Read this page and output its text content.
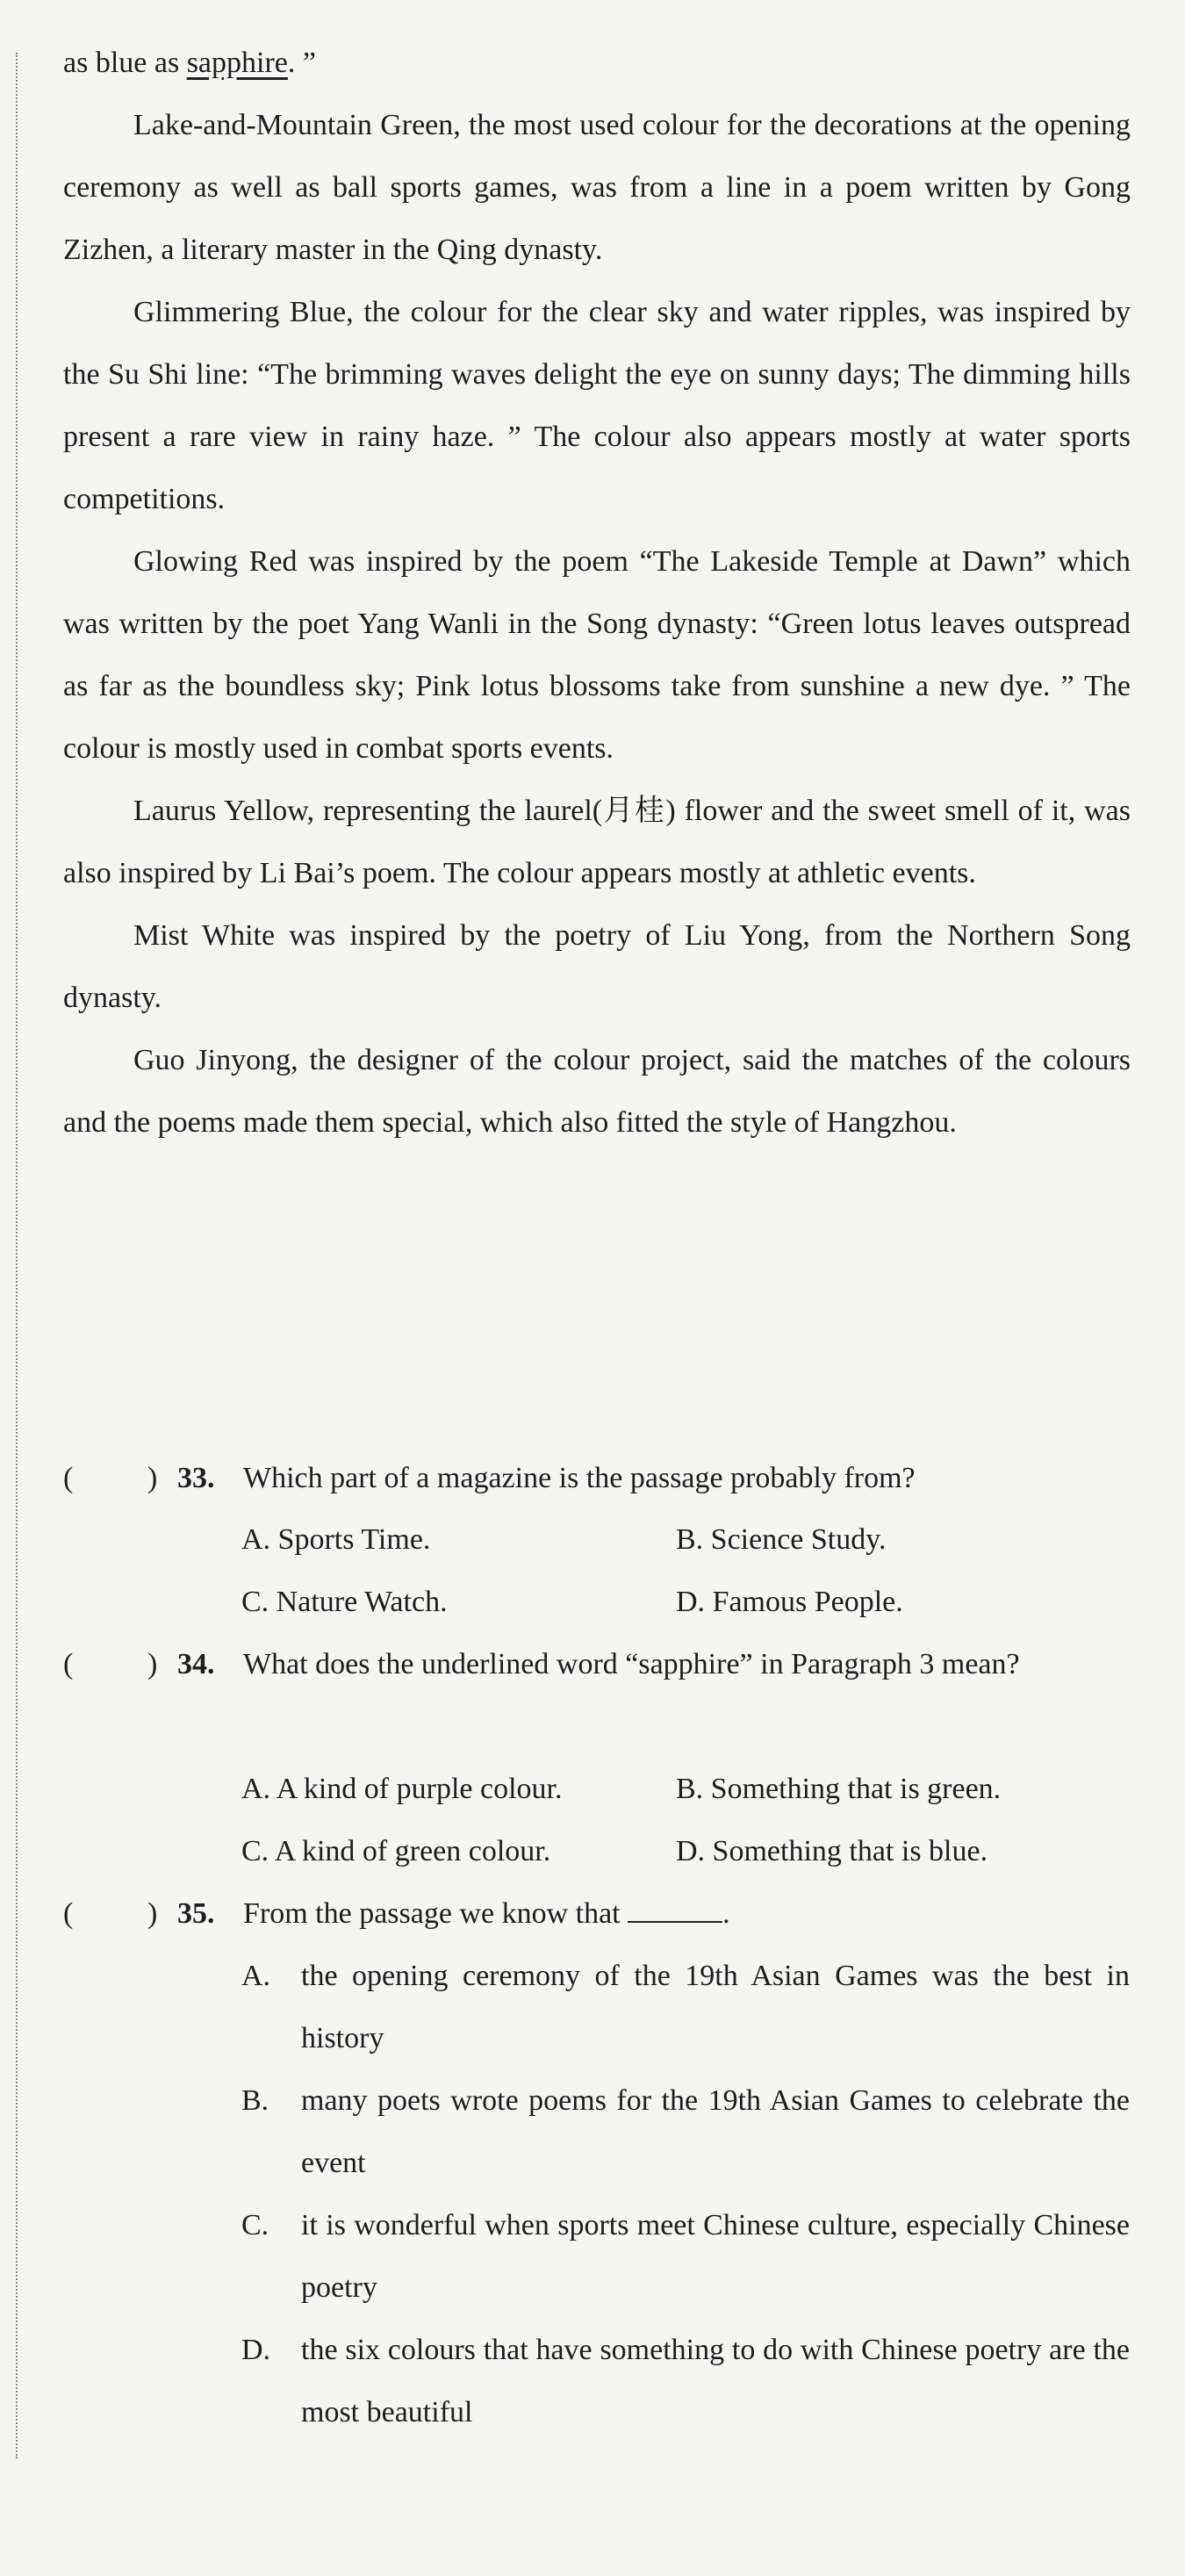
as blue as sapphire. ”

Lake-and-Mountain Green, the most used colour for the decorations at the opening ceremony as well as ball sports games, was from a line in a poem written by Gong Zizhen, a literary master in the Qing dynasty.

Glimmering Blue, the colour for the clear sky and water ripples, was inspired by the Su Shi line: “The brimming waves delight the eye on sunny days; The dimming hills present a rare view in rainy haze. ” The colour also appears mostly at water sports competitions.

Glowing Red was inspired by the poem “The Lakeside Temple at Dawn” which was written by the poet Yang Wanli in the Song dynasty: “Green lotus leaves outspread as far as the boundless sky; Pink lotus blossoms take from sunshine a new dye. ” The colour is mostly used in combat sports events.

Laurus Yellow, representing the laurel(月桂) flower and the sweet smell of it, was also inspired by Li Bai’s poem. The colour appears mostly at athletic events.

Mist White was inspired by the poetry of Liu Yong, from the Northern Song dynasty.

Guo Jinyong, the designer of the colour project, said the matches of the colours and the poems made them special, which also fitted the style of Hangzhou.

( ) 33. Which part of a magazine is the passage probably from?
A. Sports Time.	B. Science Study.
C. Nature Watch.	D. Famous People.
( ) 34. What does the underlined word “sapphire” in Paragraph 3 mean?
A. A kind of purple colour.	B. Something that is green.
C. A kind of green colour.	D. Something that is blue.
( ) 35. From the passage we know that	.
A. the opening ceremony of the 19th Asian Games was the best in history
B. many poets wrote poems for the 19th Asian Games to celebrate the event
C. it is wonderful when sports meet Chinese culture, especially Chinese poetry
D. the six colours that have something to do with Chinese poetry are the most beautiful
